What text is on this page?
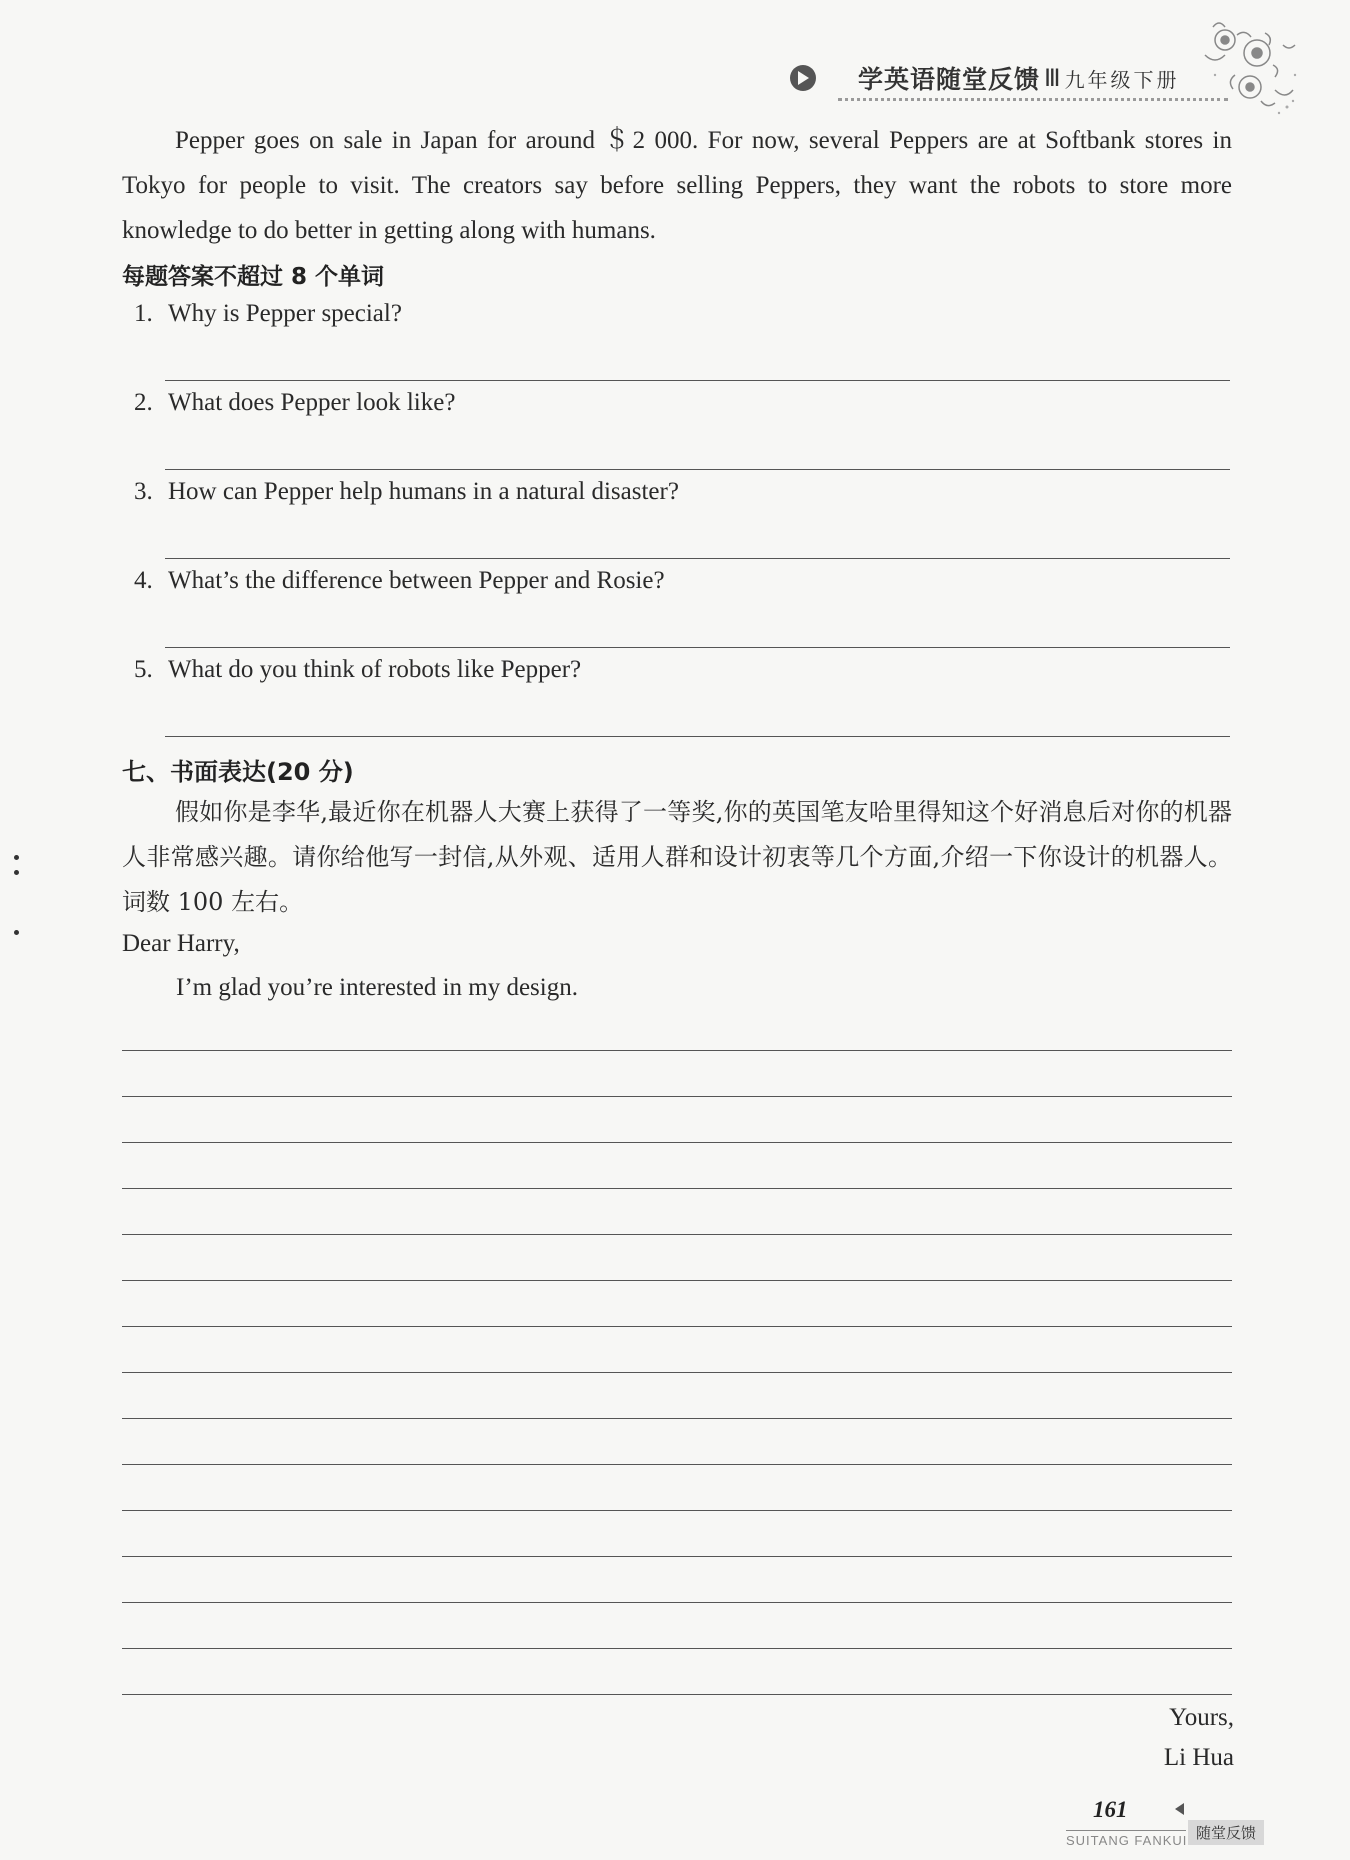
学英语随堂反馈 Ⅲ 九年级下册

Pepper goes on sale in Japan for around ＄2 000. For now, several Peppers are at Softbank stores in Tokyo for people to visit. The creators say before selling Peppers, they want the robots to store more knowledge to do better in getting along with humans.

每题答案不超过 8 个单词
1. Why is Pepper special?
2. What does Pepper look like?
3. How can Pepper help humans in a natural disaster?
4. What’s the difference between Pepper and Rosie?
5. What do you think of robots like Pepper?
七、书面表达(20 分)

假如你是李华,最近你在机器人大赛上获得了一等奖,你的英国笔友哈里得知这个好消息后对你的机器人非常感兴趣。请你给他写一封信,从外观、适用人群和设计初衷等几个方面,介绍一下你设计的机器人。词数 100 左右。

Dear Harry,
I’m glad you’re interested in my design.
Yours,
Li Hua
161
SUITANG FANKUI 随堂反馈
